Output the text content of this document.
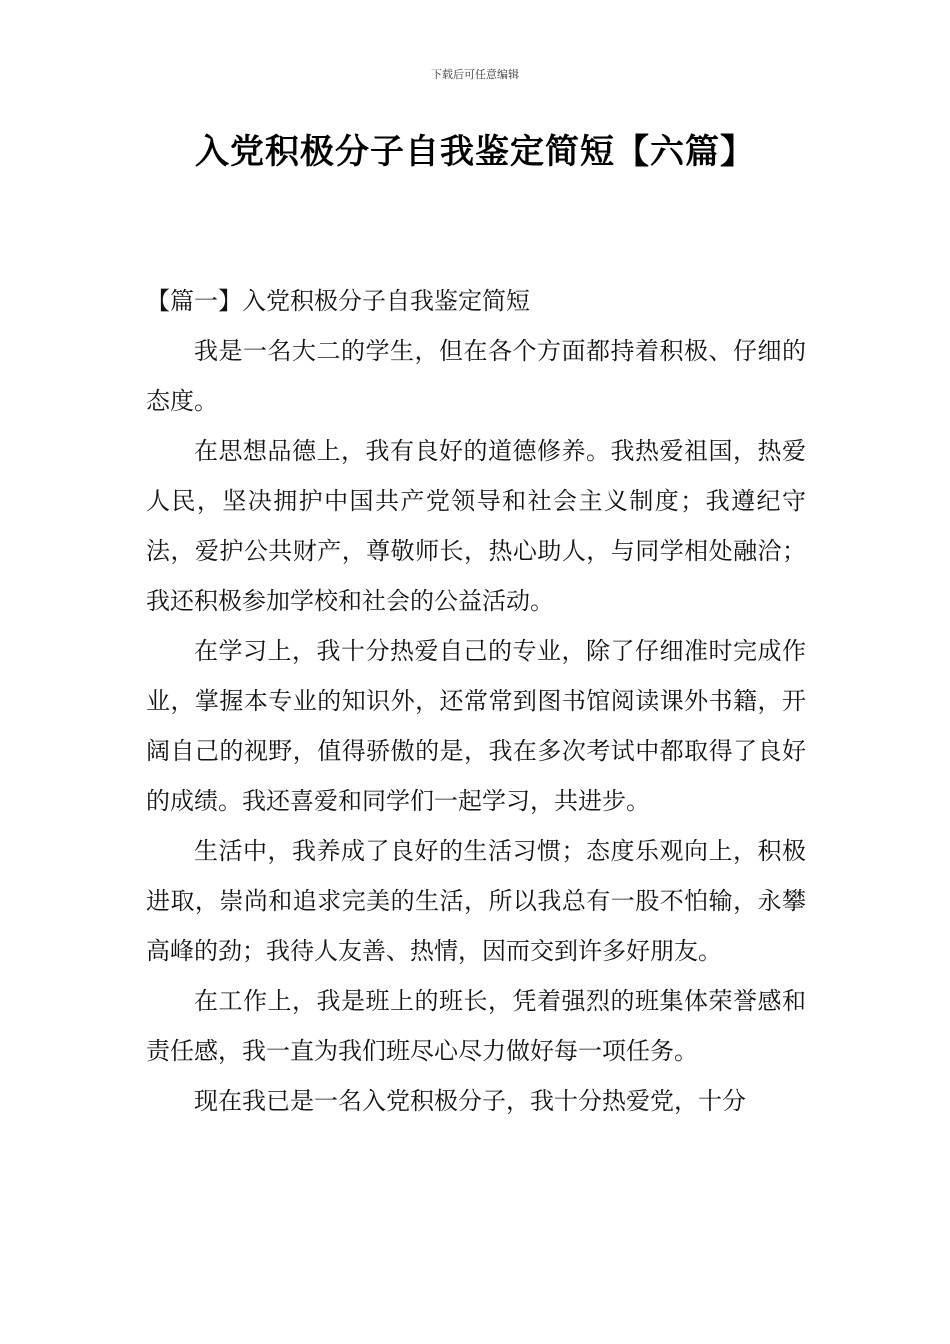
下载后可任意编辑
入党积极分子自我鉴定简短【六篇】

【篇一】入党积极分子自我鉴定简短

我是一名大二的学生，但在各个方面都持着积极、仔细的态度。

在思想品德上，我有良好的道德修养。我热爱祖国，热爱人民，坚决拥护中国共产党领导和社会主义制度；我遵纪守法，爱护公共财产，尊敬师长，热心助人，与同学相处融洽；我还积极参加学校和社会的公益活动。

在学习上，我十分热爱自己的专业，除了仔细准时完成作业，掌握本专业的知识外，还常常到图书馆阅读课外书籍，开阔自己的视野，值得骄傲的是，我在多次考试中都取得了良好的成绩。我还喜爱和同学们一起学习，共进步。

生活中，我养成了良好的生活习惯；态度乐观向上，积极进取，崇尚和追求完美的生活，所以我总有一股不怕输，永攀高峰的劲；我待人友善、热情，因而交到许多好朋友。

在工作上，我是班上的班长，凭着强烈的班集体荣誉感和责任感，我一直为我们班尽心尽力做好每一项任务。

现在我已是一名入党积极分子，我十分热爱党，十分
